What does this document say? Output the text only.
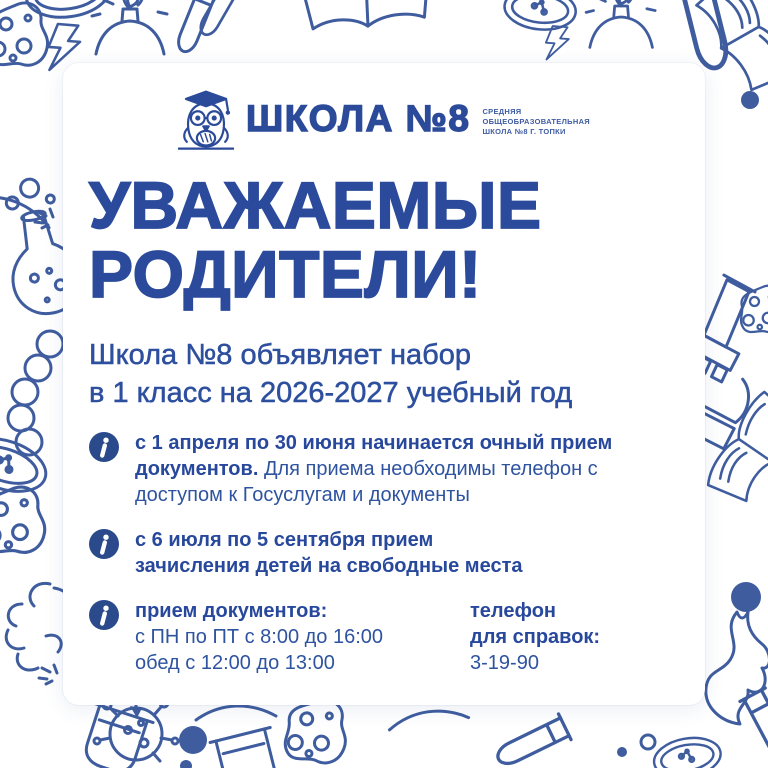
ШКОЛА №8 СРЕДНЯЯ
ОБЩЕОБРАЗОВАТЕЛЬНАЯ
ШКОЛА №8 Г. ТОПКИ
УВАЖАЕМЫЕ
РОДИТЕЛИ!
Школа №8 объявляет набор
в 1 класс на 2026-2027 учебный год
с 1 апреля по 30 июня начинается очный прием документов. Для приема необходимы телефон с доступом к Госуслугам и документы
с 6 июля по 5 сентября прием
зачисления детей на свободные места
прием документов:
с ПН по ПТ с 8:00 до 16:00
обед с 12:00 до 13:00
телефон
для справок:
3-19-90
